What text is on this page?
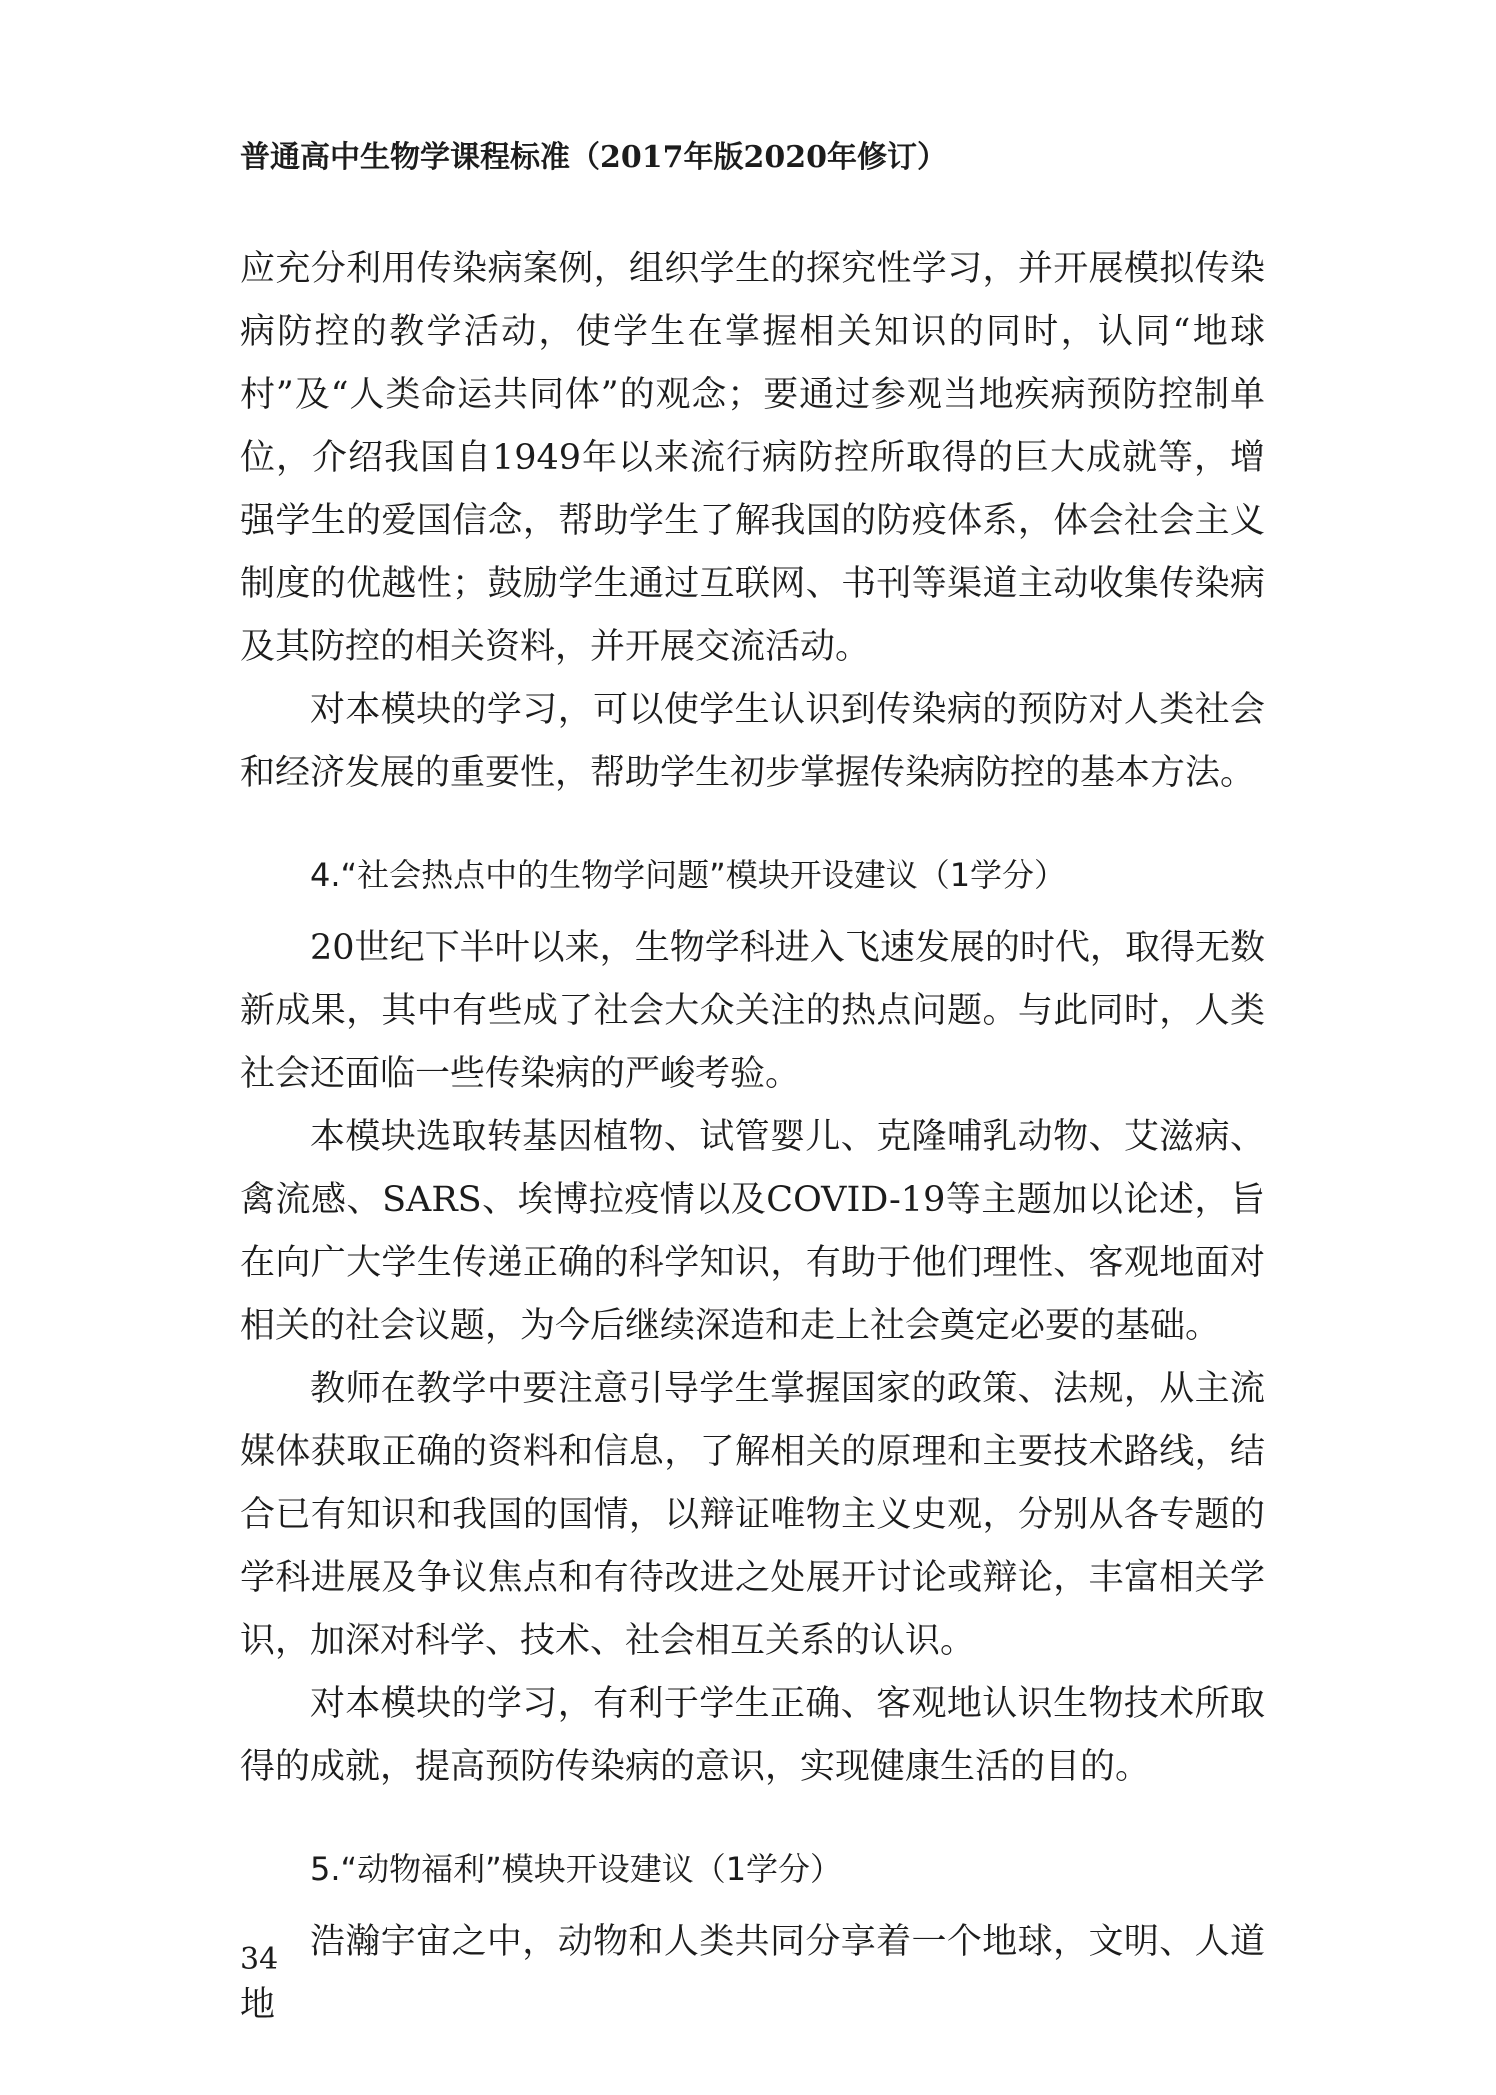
普通高中生物学课程标准（2017年版2020年修订）

应充分利用传染病案例，组织学生的探究性学习，并开展模拟传染病防控的教学活动，使学生在掌握相关知识的同时，认同“地球村”及“人类命运共同体”的观念；要通过参观当地疾病预防控制单位，介绍我国自1949年以来流行病防控所取得的巨大成就等，增强学生的爱国信念，帮助学生了解我国的防疫体系，体会社会主义制度的优越性；鼓励学生通过互联网、书刊等渠道主动收集传染病及其防控的相关资料，并开展交流活动。

对本模块的学习，可以使学生认识到传染病的预防对人类社会和经济发展的重要性，帮助学生初步掌握传染病防控的基本方法。

4.“社会热点中的生物学问题”模块开设建议（1学分）

20世纪下半叶以来，生物学科进入飞速发展的时代，取得无数新成果，其中有些成了社会大众关注的热点问题。与此同时，人类社会还面临一些传染病的严峻考验。

本模块选取转基因植物、试管婴儿、克隆哺乳动物、艾滋病、禽流感、SARS、埃博拉疫情以及COVID-19等主题加以论述，旨在向广大学生传递正确的科学知识，有助于他们理性、客观地面对相关的社会议题，为今后继续深造和走上社会奠定必要的基础。

教师在教学中要注意引导学生掌握国家的政策、法规，从主流媒体获取正确的资料和信息，了解相关的原理和主要技术路线，结合已有知识和我国的国情，以辩证唯物主义史观，分别从各专题的学科进展及争议焦点和有待改进之处展开讨论或辩论，丰富相关学识，加深对科学、技术、社会相互关系的认识。

对本模块的学习，有利于学生正确、客观地认识生物技术所取得的成就，提高预防传染病的意识，实现健康生活的目的。

5.“动物福利”模块开设建议（1学分）

浩瀚宇宙之中，动物和人类共同分享着一个地球，文明、人道地

34
